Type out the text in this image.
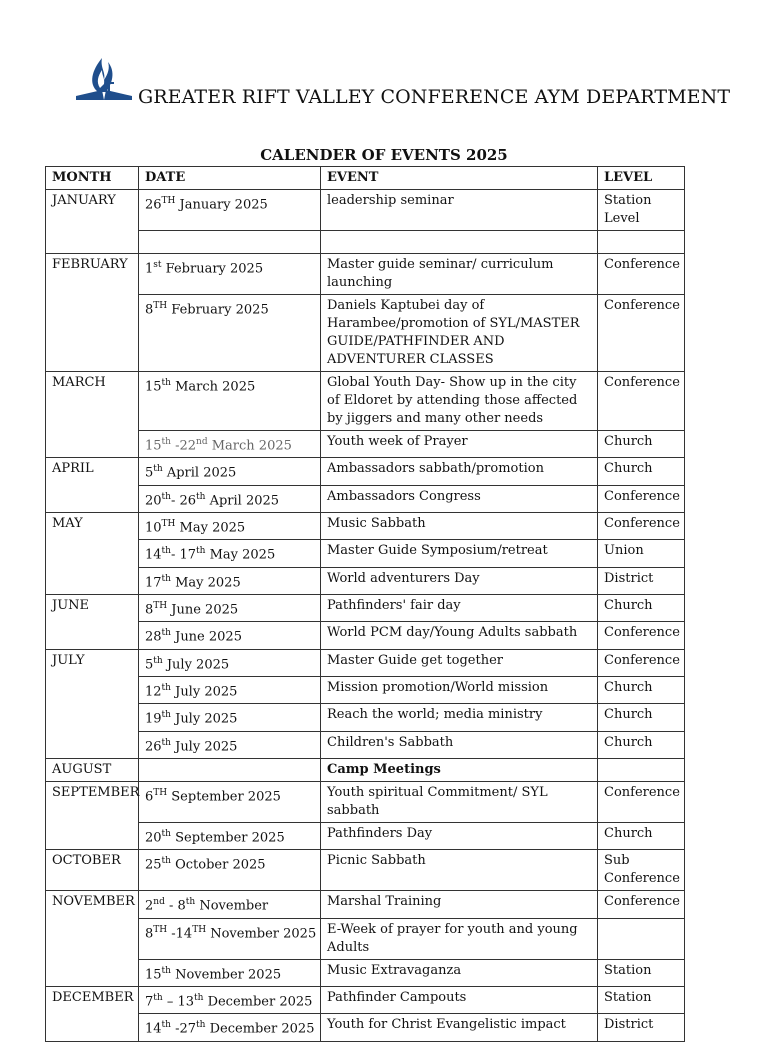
GREATER RIFT VALLEY CONFERENCE AYM DEPARTMENT
CALENDER OF EVENTS 2025
MONTH	DATE	EVENT	LEVEL
JANUARY	26TH January 2025	leadership seminar	Station Level

FEBRUARY	1st February 2025	Master guide seminar/ curriculum launching	Conference
	8TH February 2025	Daniels Kaptubei day of Harambee/promotion of SYL/MASTER GUIDE/PATHFINDER AND ADVENTURER CLASSES	Conference
MARCH	15th March 2025	Global Youth Day- Show up in the city of Eldoret by attending those affected by jiggers and many other needs	Conference
	15th -22nd March 2025	Youth week of Prayer	Church
APRIL	5th April 2025	Ambassadors sabbath/promotion	Church
	20th- 26th April 2025	Ambassadors Congress	Conference
MAY	10TH May 2025	Music Sabbath	Conference
	14th- 17th May 2025	Master Guide Symposium/retreat	Union
	17th May 2025	World adventurers Day	District
JUNE	8TH June 2025	Pathfinders' fair day	Church
	28th June 2025	World PCM day/Young Adults sabbath	Conference
JULY	5th July 2025	Master Guide get together	Conference
	12th July 2025	Mission promotion/World mission	Church
	19th July 2025	Reach the world; media ministry	Church
	26th July 2025	Children's Sabbath	Church
AUGUST		Camp Meetings	
SEPTEMBER	6TH September 2025	Youth spiritual Commitment/ SYL sabbath	Conference
	20th September 2025	Pathfinders Day	Church
OCTOBER	25th October 2025	Picnic Sabbath	Sub Conference
NOVEMBER	2nd - 8th November	Marshal Training	Conference
	8TH -14TH November 2025	E-Week of prayer for youth and young Adults	
	15th November 2025	Music Extravaganza	Station
DECEMBER	7th – 13th December 2025	Pathfinder Campouts	Station
	14th -27th December 2025	Youth for Christ Evangelistic impact	District
